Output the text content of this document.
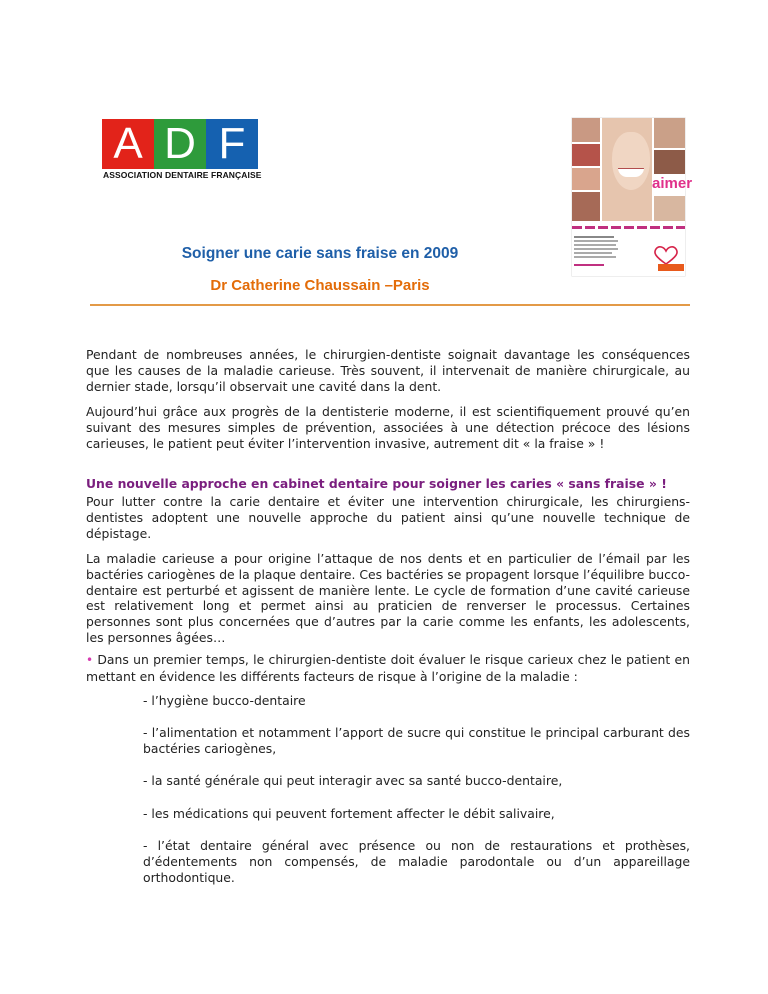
A D F
ASSOCIATION DENTAIRE FRANÇAISE	aimer
Soigner une carie sans fraise en 2009
Dr Catherine Chaussain –Paris

Pendant de nombreuses années, le chirurgien-dentiste soignait davantage les conséquences que les causes de la maladie carieuse. Très souvent, il intervenait de manière chirurgicale, au dernier stade, lorsqu’il observait une cavité dans la dent.

Aujourd’hui grâce aux progrès de la dentisterie moderne, il est scientifiquement prouvé qu’en suivant des mesures simples de prévention, associées à une détection précoce des lésions carieuses, le patient peut éviter l’intervention invasive, autrement dit « la fraise » !

Une nouvelle approche en cabinet dentaire pour soigner les caries « sans fraise » !

Pour lutter contre la carie dentaire et éviter une intervention chirurgicale, les chirurgiens-dentistes adoptent une nouvelle approche du patient ainsi qu’une nouvelle technique de dépistage.

La maladie carieuse a pour origine l’attaque de nos dents et en particulier de l’émail par les bactéries cariogènes de la plaque dentaire. Ces bactéries se propagent lorsque l’équilibre bucco-dentaire est perturbé et agissent de manière lente. Le cycle de formation d’une cavité carieuse est relativement long et permet ainsi au praticien de renverser le processus. Certaines personnes sont plus concernées que d’autres par la carie comme les enfants, les adolescents, les personnes âgées…

• Dans un premier temps, le chirurgien-dentiste doit évaluer le risque carieux chez le patient en mettant en évidence les différents facteurs de risque à l’origine de la maladie :

- l’hygiène bucco-dentaire

- l’alimentation et notamment l’apport de sucre qui constitue le principal carburant des bactéries cariogènes,

- la santé générale qui peut interagir avec sa santé bucco-dentaire,

- les médications qui peuvent fortement affecter le débit salivaire,

- l’état dentaire général avec présence ou non de restaurations et prothèses, d’édentements non compensés, de maladie parodontale ou d’un appareillage orthodontique.
